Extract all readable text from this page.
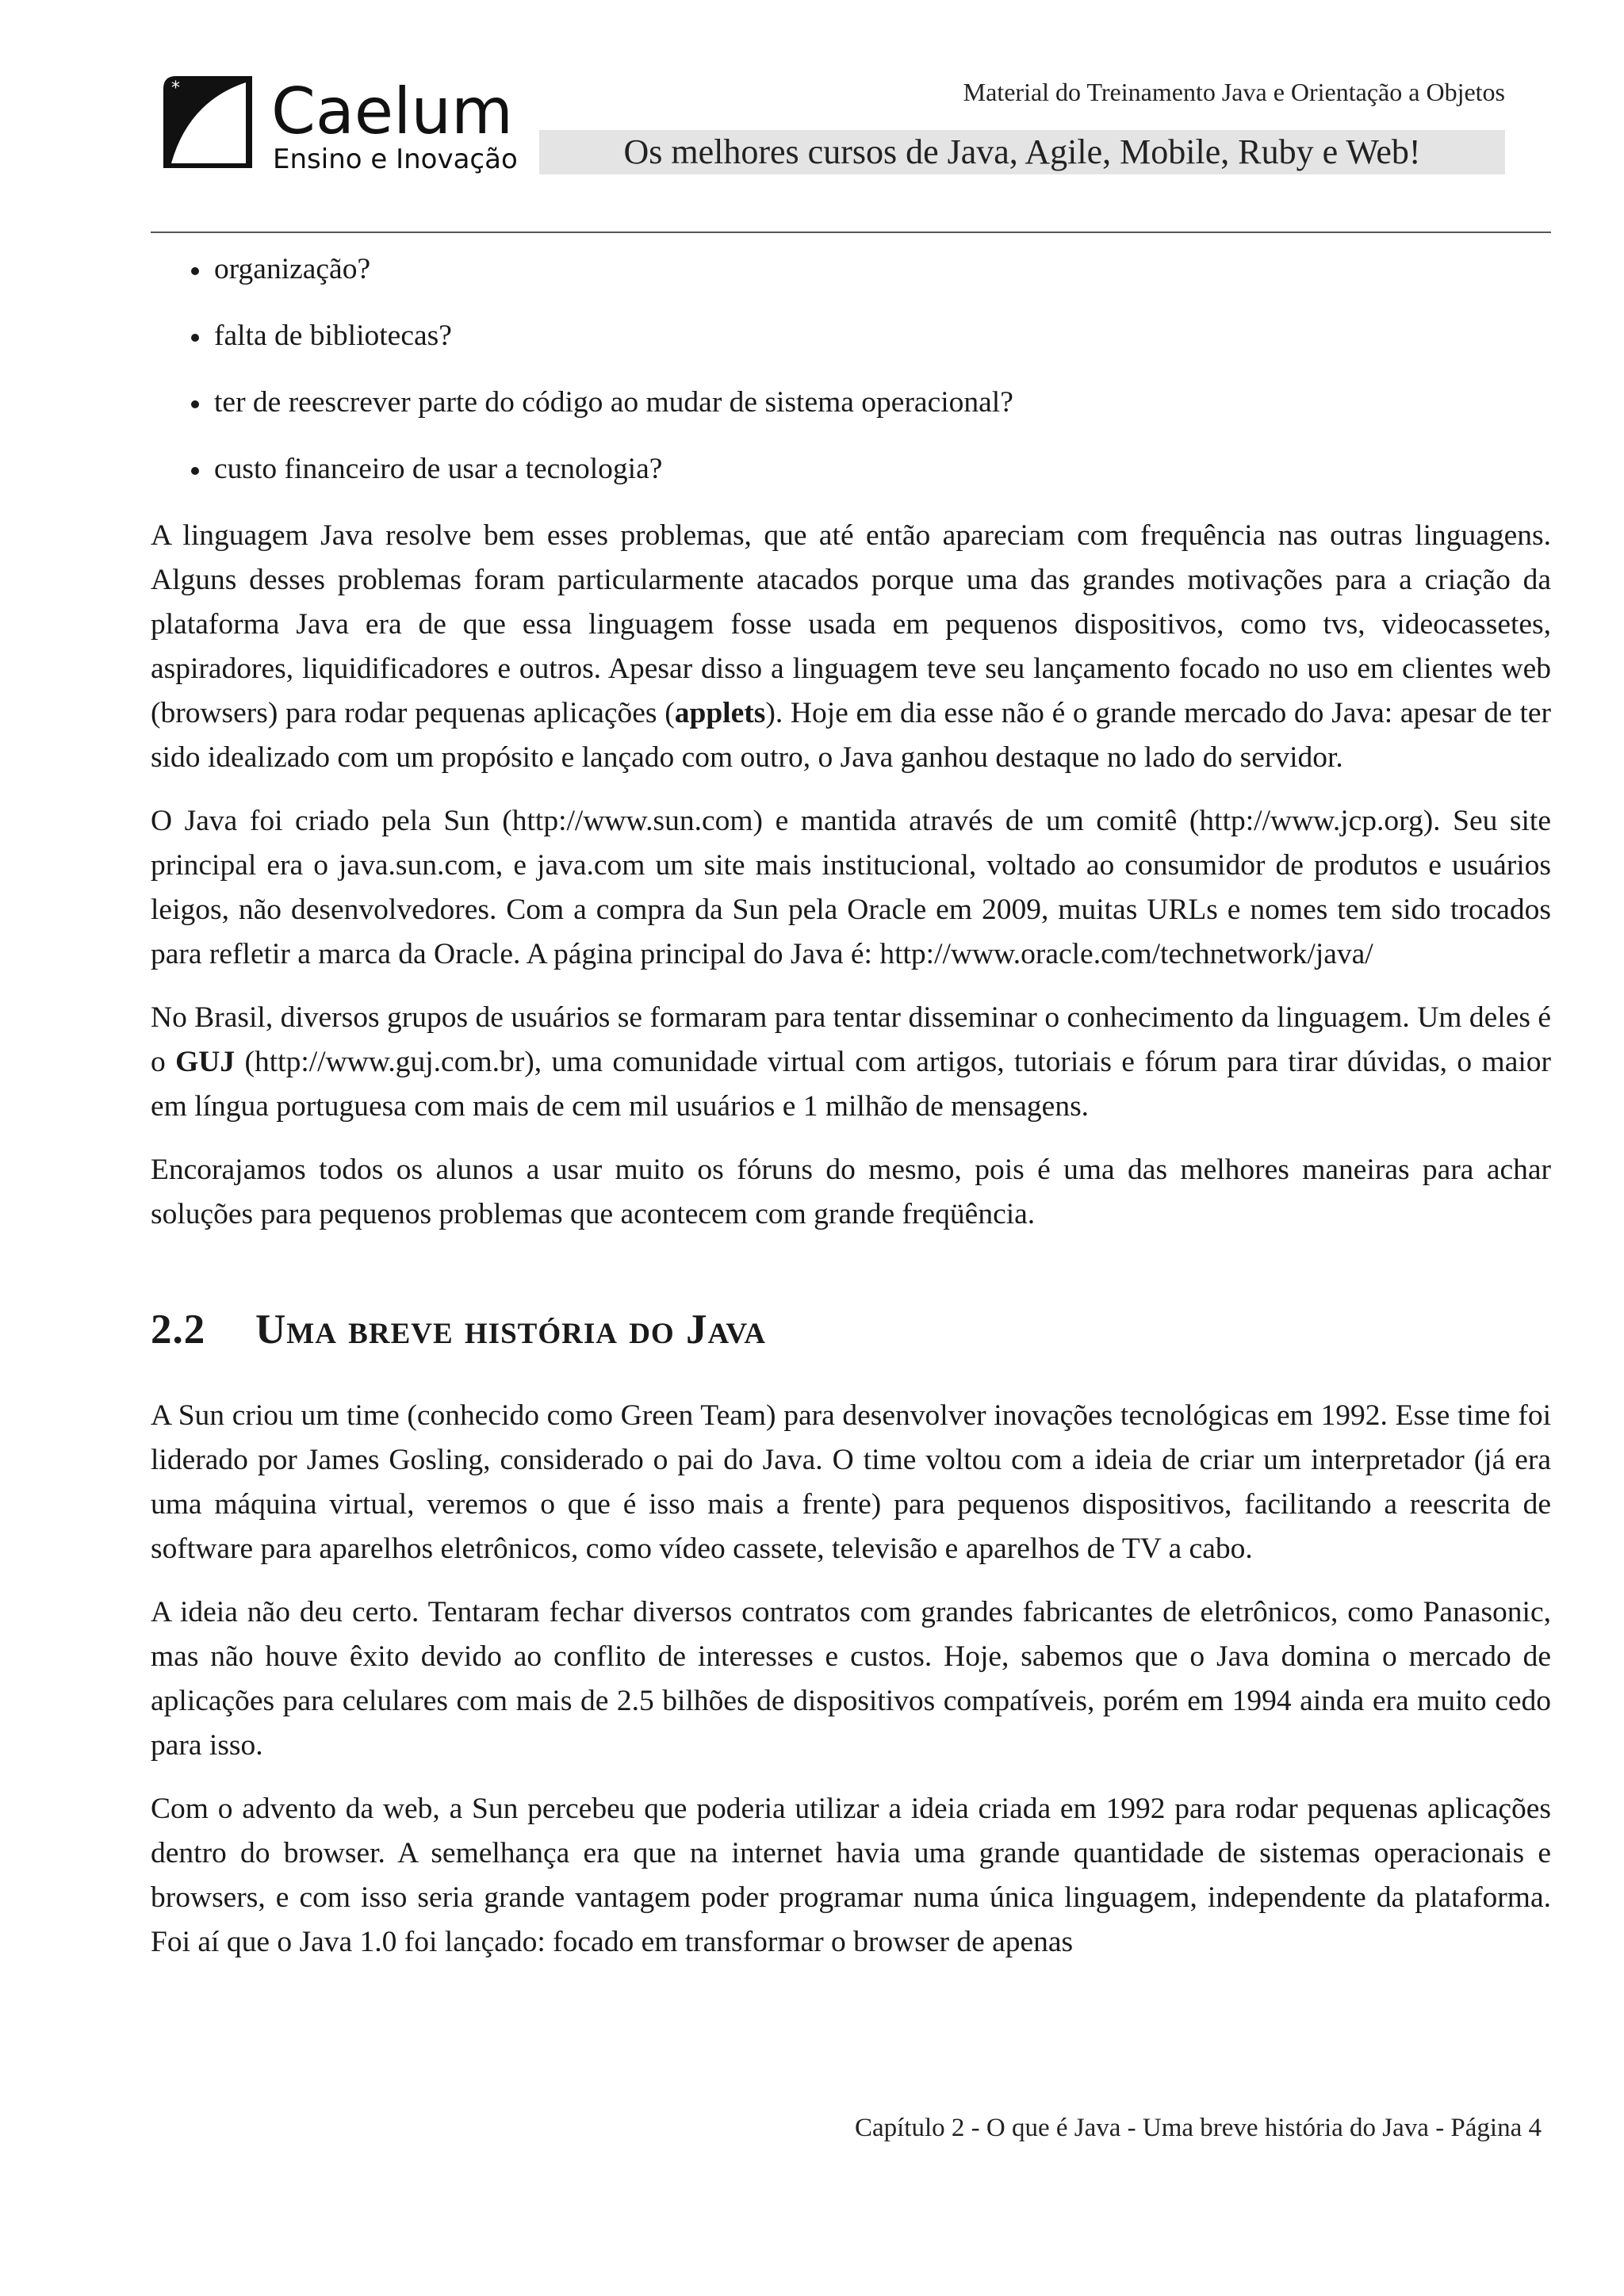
* Caelum
Ensino e Inovação
Material do Treinamento Java e Orientação a Objetos
Os melhores cursos de Java, Agile, Mobile, Ruby e Web!
organização?
falta de bibliotecas?
ter de reescrever parte do código ao mudar de sistema operacional?
custo financeiro de usar a tecnologia?

A linguagem Java resolve bem esses problemas, que até então apareciam com frequência nas outras linguagens. Alguns desses problemas foram particularmente atacados porque uma das grandes motivações para a criação da plataforma Java era de que essa linguagem fosse usada em pequenos dispositivos, como tvs, videocassetes, aspiradores, liquidificadores e outros. Apesar disso a linguagem teve seu lançamento focado no uso em clientes web (browsers) para rodar pequenas aplicações (applets). Hoje em dia esse não é o grande mercado do Java: apesar de ter sido idealizado com um propósito e lançado com outro, o Java ganhou destaque no lado do servidor.

O Java foi criado pela Sun (http://www.sun.com) e mantida através de um comitê (http://www.jcp.org). Seu site principal era o java.sun.com, e java.com um site mais institucional, voltado ao consumidor de produtos e usuários leigos, não desenvolvedores. Com a compra da Sun pela Oracle em 2009, muitas URLs e nomes tem sido trocados para refletir a marca da Oracle. A página principal do Java é: http://www.oracle.com/technetwork/java/

No Brasil, diversos grupos de usuários se formaram para tentar disseminar o conhecimento da linguagem. Um deles é o GUJ (http://www.guj.com.br), uma comunidade virtual com artigos, tutoriais e fórum para tirar dúvidas, o maior em língua portuguesa com mais de cem mil usuários e 1 milhão de mensagens.

Encorajamos todos os alunos a usar muito os fóruns do mesmo, pois é uma das melhores maneiras para achar soluções para pequenos problemas que acontecem com grande freqüência.

2.2 Uma breve história do Java

A Sun criou um time (conhecido como Green Team) para desenvolver inovações tecnológicas em 1992. Esse time foi liderado por James Gosling, considerado o pai do Java. O time voltou com a ideia de criar um interpretador (já era uma máquina virtual, veremos o que é isso mais a frente) para pequenos dispositivos, facilitando a reescrita de software para aparelhos eletrônicos, como vídeo cassete, televisão e aparelhos de TV a cabo.

A ideia não deu certo. Tentaram fechar diversos contratos com grandes fabricantes de eletrônicos, como Panasonic, mas não houve êxito devido ao conflito de interesses e custos. Hoje, sabemos que o Java domina o mercado de aplicações para celulares com mais de 2.5 bilhões de dispositivos compatíveis, porém em 1994 ainda era muito cedo para isso.

Com o advento da web, a Sun percebeu que poderia utilizar a ideia criada em 1992 para rodar pequenas aplicações dentro do browser. A semelhança era que na internet havia uma grande quantidade de sistemas operacionais e browsers, e com isso seria grande vantagem poder programar numa única linguagem, independente da plataforma. Foi aí que o Java 1.0 foi lançado: focado em transformar o browser de apenas

Capítulo 2 - O que é Java - Uma breve história do Java - Página 4
